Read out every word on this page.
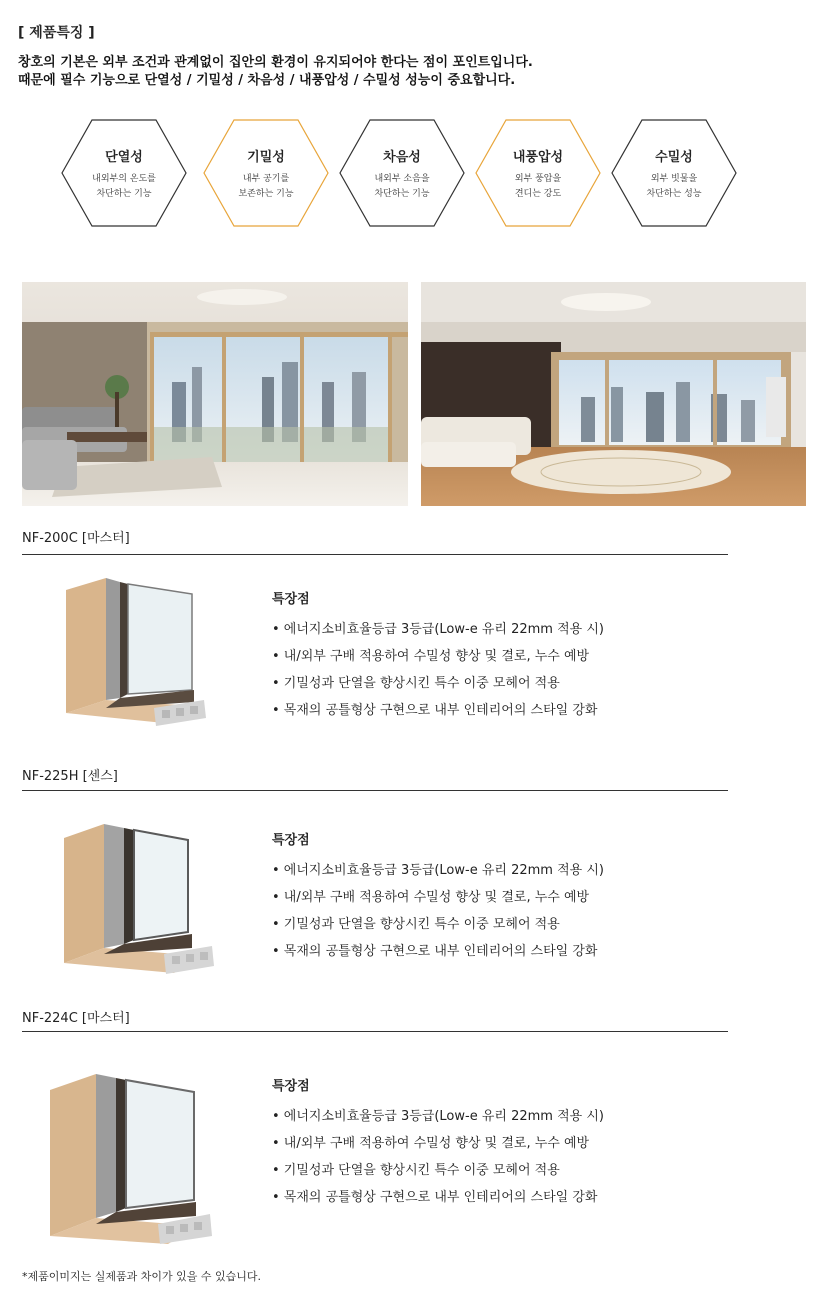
[ 제품특징 ]
창호의 기본은 외부 조건과 관계없이 집안의 환경이 유지되어야 한다는 점이 포인트입니다.
때문에 필수 기능으로 단열성 / 기밀성 / 차음성 / 내풍압성 / 수밀성 성능이 중요합니다.
단열성
내외부의 온도를
차단하는 기능
기밀성
내부 공기를
보존하는 기능
차음성
내외부 소음을
차단하는 기능
내풍압성
외부 풍압을
견디는 강도
수밀성
외부 빗물을
차단하는 성능
NF-200C [마스터]
특장점
• 에너지소비효율등급 3등급(Low-e 유리 22mm 적용 시)
• 내/외부 구배 적용하여 수밀성 향상 및 결로, 누수 예방
• 기밀성과 단열을 향상시킨 특수 이중 모헤어 적용
• 목재의 공틀형상 구현으로 내부 인테리어의 스타일 강화
NF-225H [센스]
특장점
• 에너지소비효율등급 3등급(Low-e 유리 22mm 적용 시)
• 내/외부 구배 적용하여 수밀성 향상 및 결로, 누수 예방
• 기밀성과 단열을 향상시킨 특수 이중 모헤어 적용
• 목재의 공틀형상 구현으로 내부 인테리어의 스타일 강화
NF-224C [마스터]
특장점
• 에너지소비효율등급 3등급(Low-e 유리 22mm 적용 시)
• 내/외부 구배 적용하여 수밀성 향상 및 결로, 누수 예방
• 기밀성과 단열을 향상시킨 특수 이중 모헤어 적용
• 목재의 공틀형상 구현으로 내부 인테리어의 스타일 강화
*제품이미지는 실제품과 차이가 있을 수 있습니다.
